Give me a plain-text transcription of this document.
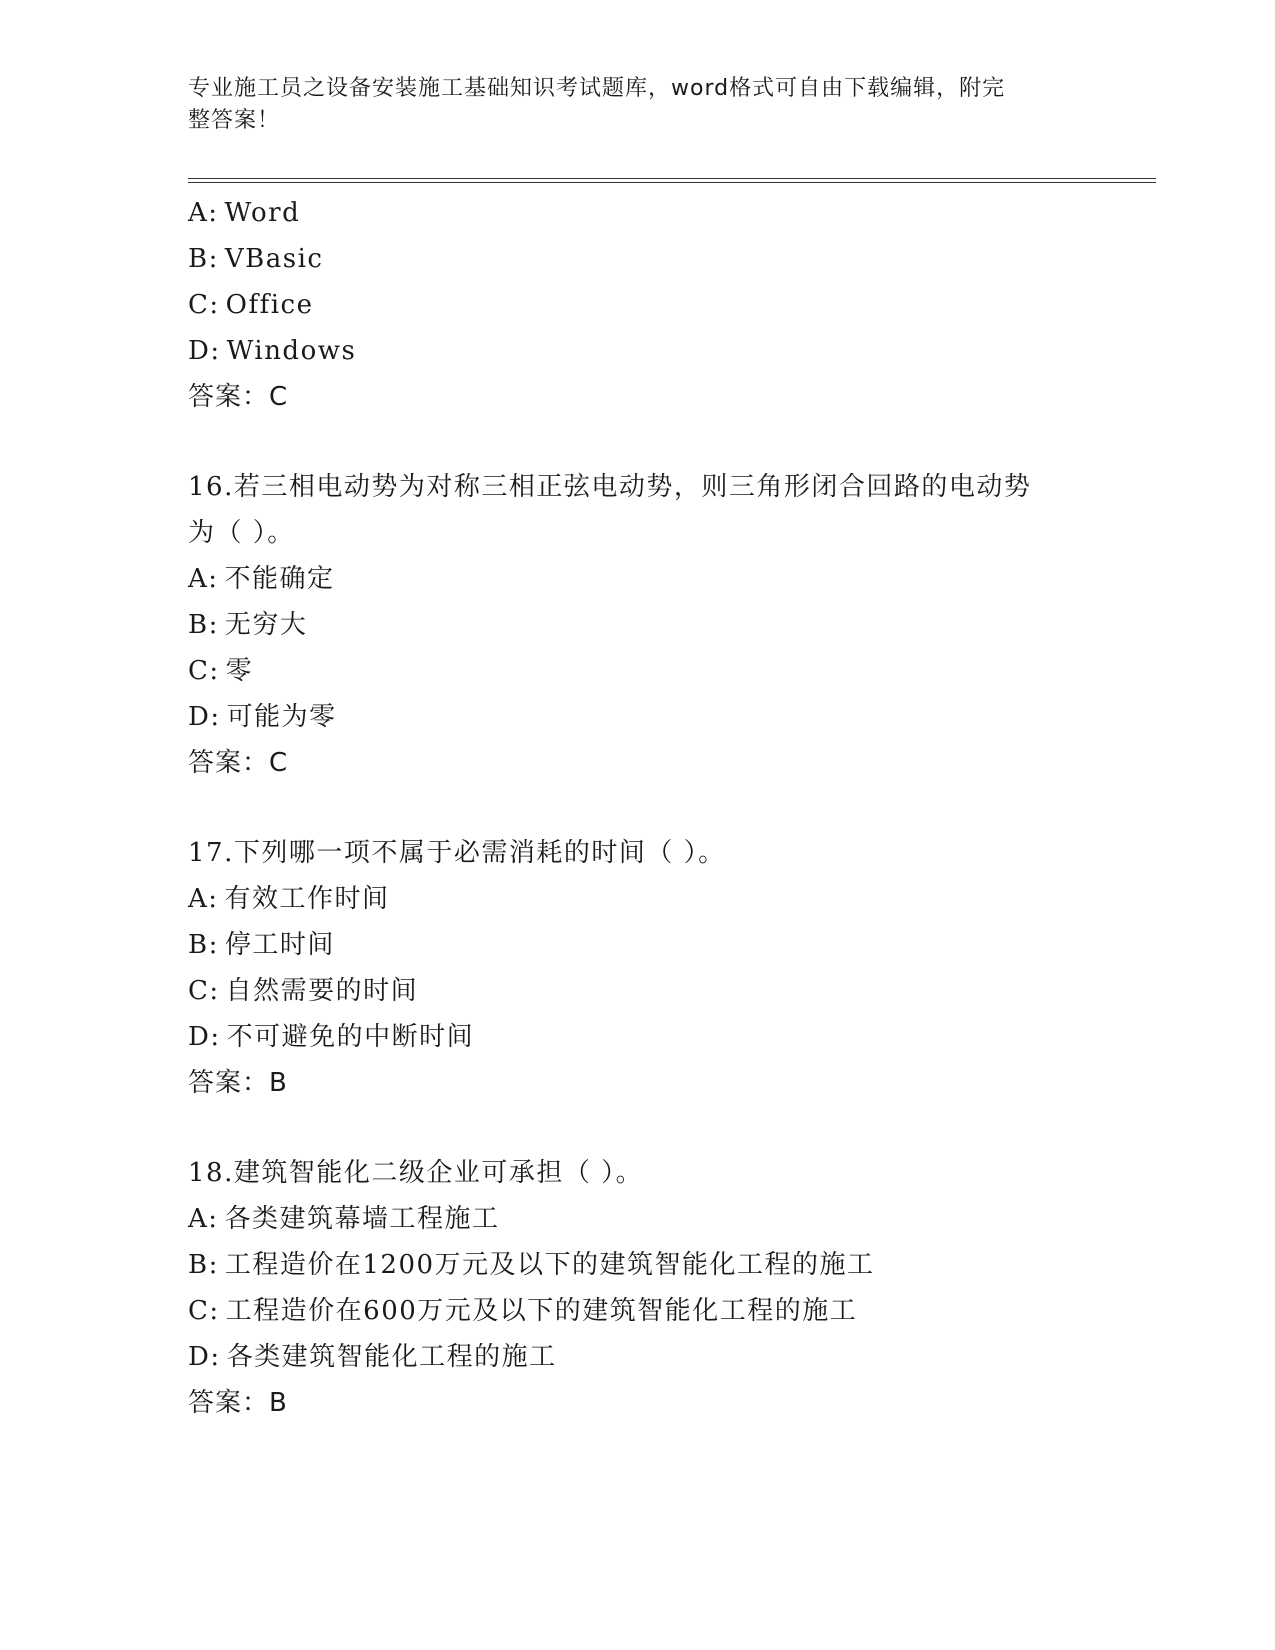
专业施工员之设备安装施工基础知识考试题库，word格式可自由下载编辑，附完
整答案！
A: Word
B: VBasic
C: Office
D: Windows
答案：C
16.若三相电动势为对称三相正弦电动势，则三角形闭合回路的电动势
为（ ）。
A: 不能确定
B: 无穷大
C: 零
D: 可能为零
答案：C
17.下列哪一项不属于必需消耗的时间（ ）。
A: 有效工作时间
B: 停工时间
C: 自然需要的时间
D: 不可避免的中断时间
答案：B
18.建筑智能化二级企业可承担（ ）。
A: 各类建筑幕墙工程施工
B: 工程造价在1200万元及以下的建筑智能化工程的施工
C: 工程造价在600万元及以下的建筑智能化工程的施工
D: 各类建筑智能化工程的施工
答案：B
